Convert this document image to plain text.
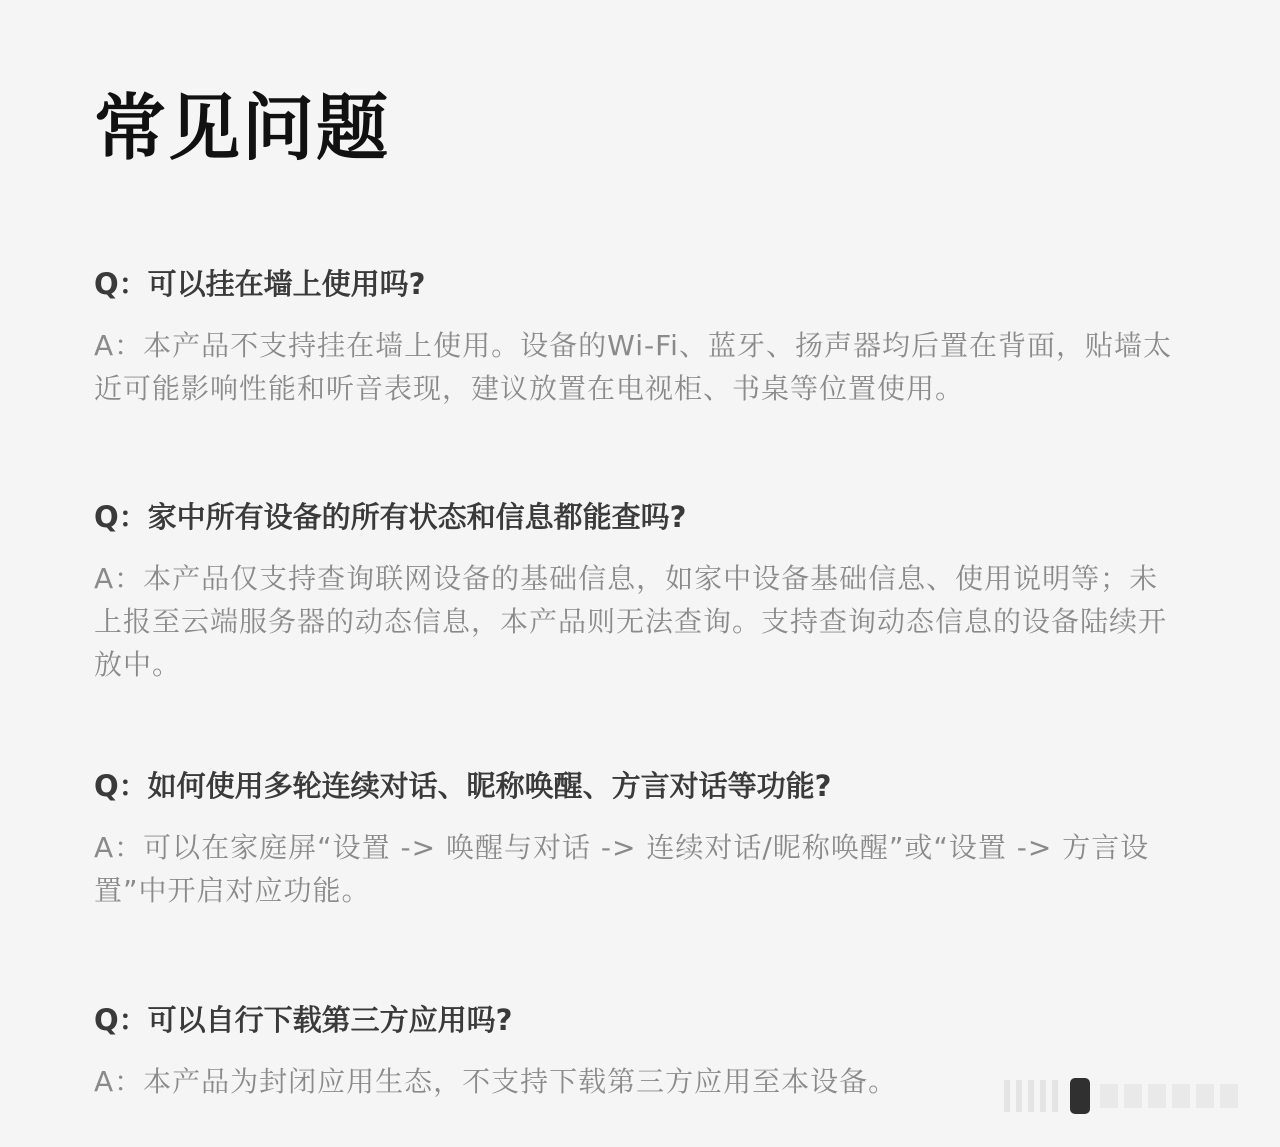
常见问题

Q：可以挂在墙上使用吗?

A：本产品不支持挂在墙上使用。设备的Wi-Fi、蓝牙、扬声器均后置在背面，贴墙太近可能影响性能和听音表现，建议放置在电视柜、书桌等位置使用。

Q：家中所有设备的所有状态和信息都能查吗?

A：本产品仅支持查询联网设备的基础信息，如家中设备基础信息、使用说明等；未上报至云端服务器的动态信息，本产品则无法查询。支持查询动态信息的设备陆续开放中。

Q：如何使用多轮连续对话、昵称唤醒、方言对话等功能?

A：可以在家庭屏“设置 -> 唤醒与对话 -> 连续对话/昵称唤醒”或“设置 -> 方言设置”中开启对应功能。

Q：可以自行下载第三方应用吗?

A：本产品为封闭应用生态，不支持下载第三方应用至本设备。
